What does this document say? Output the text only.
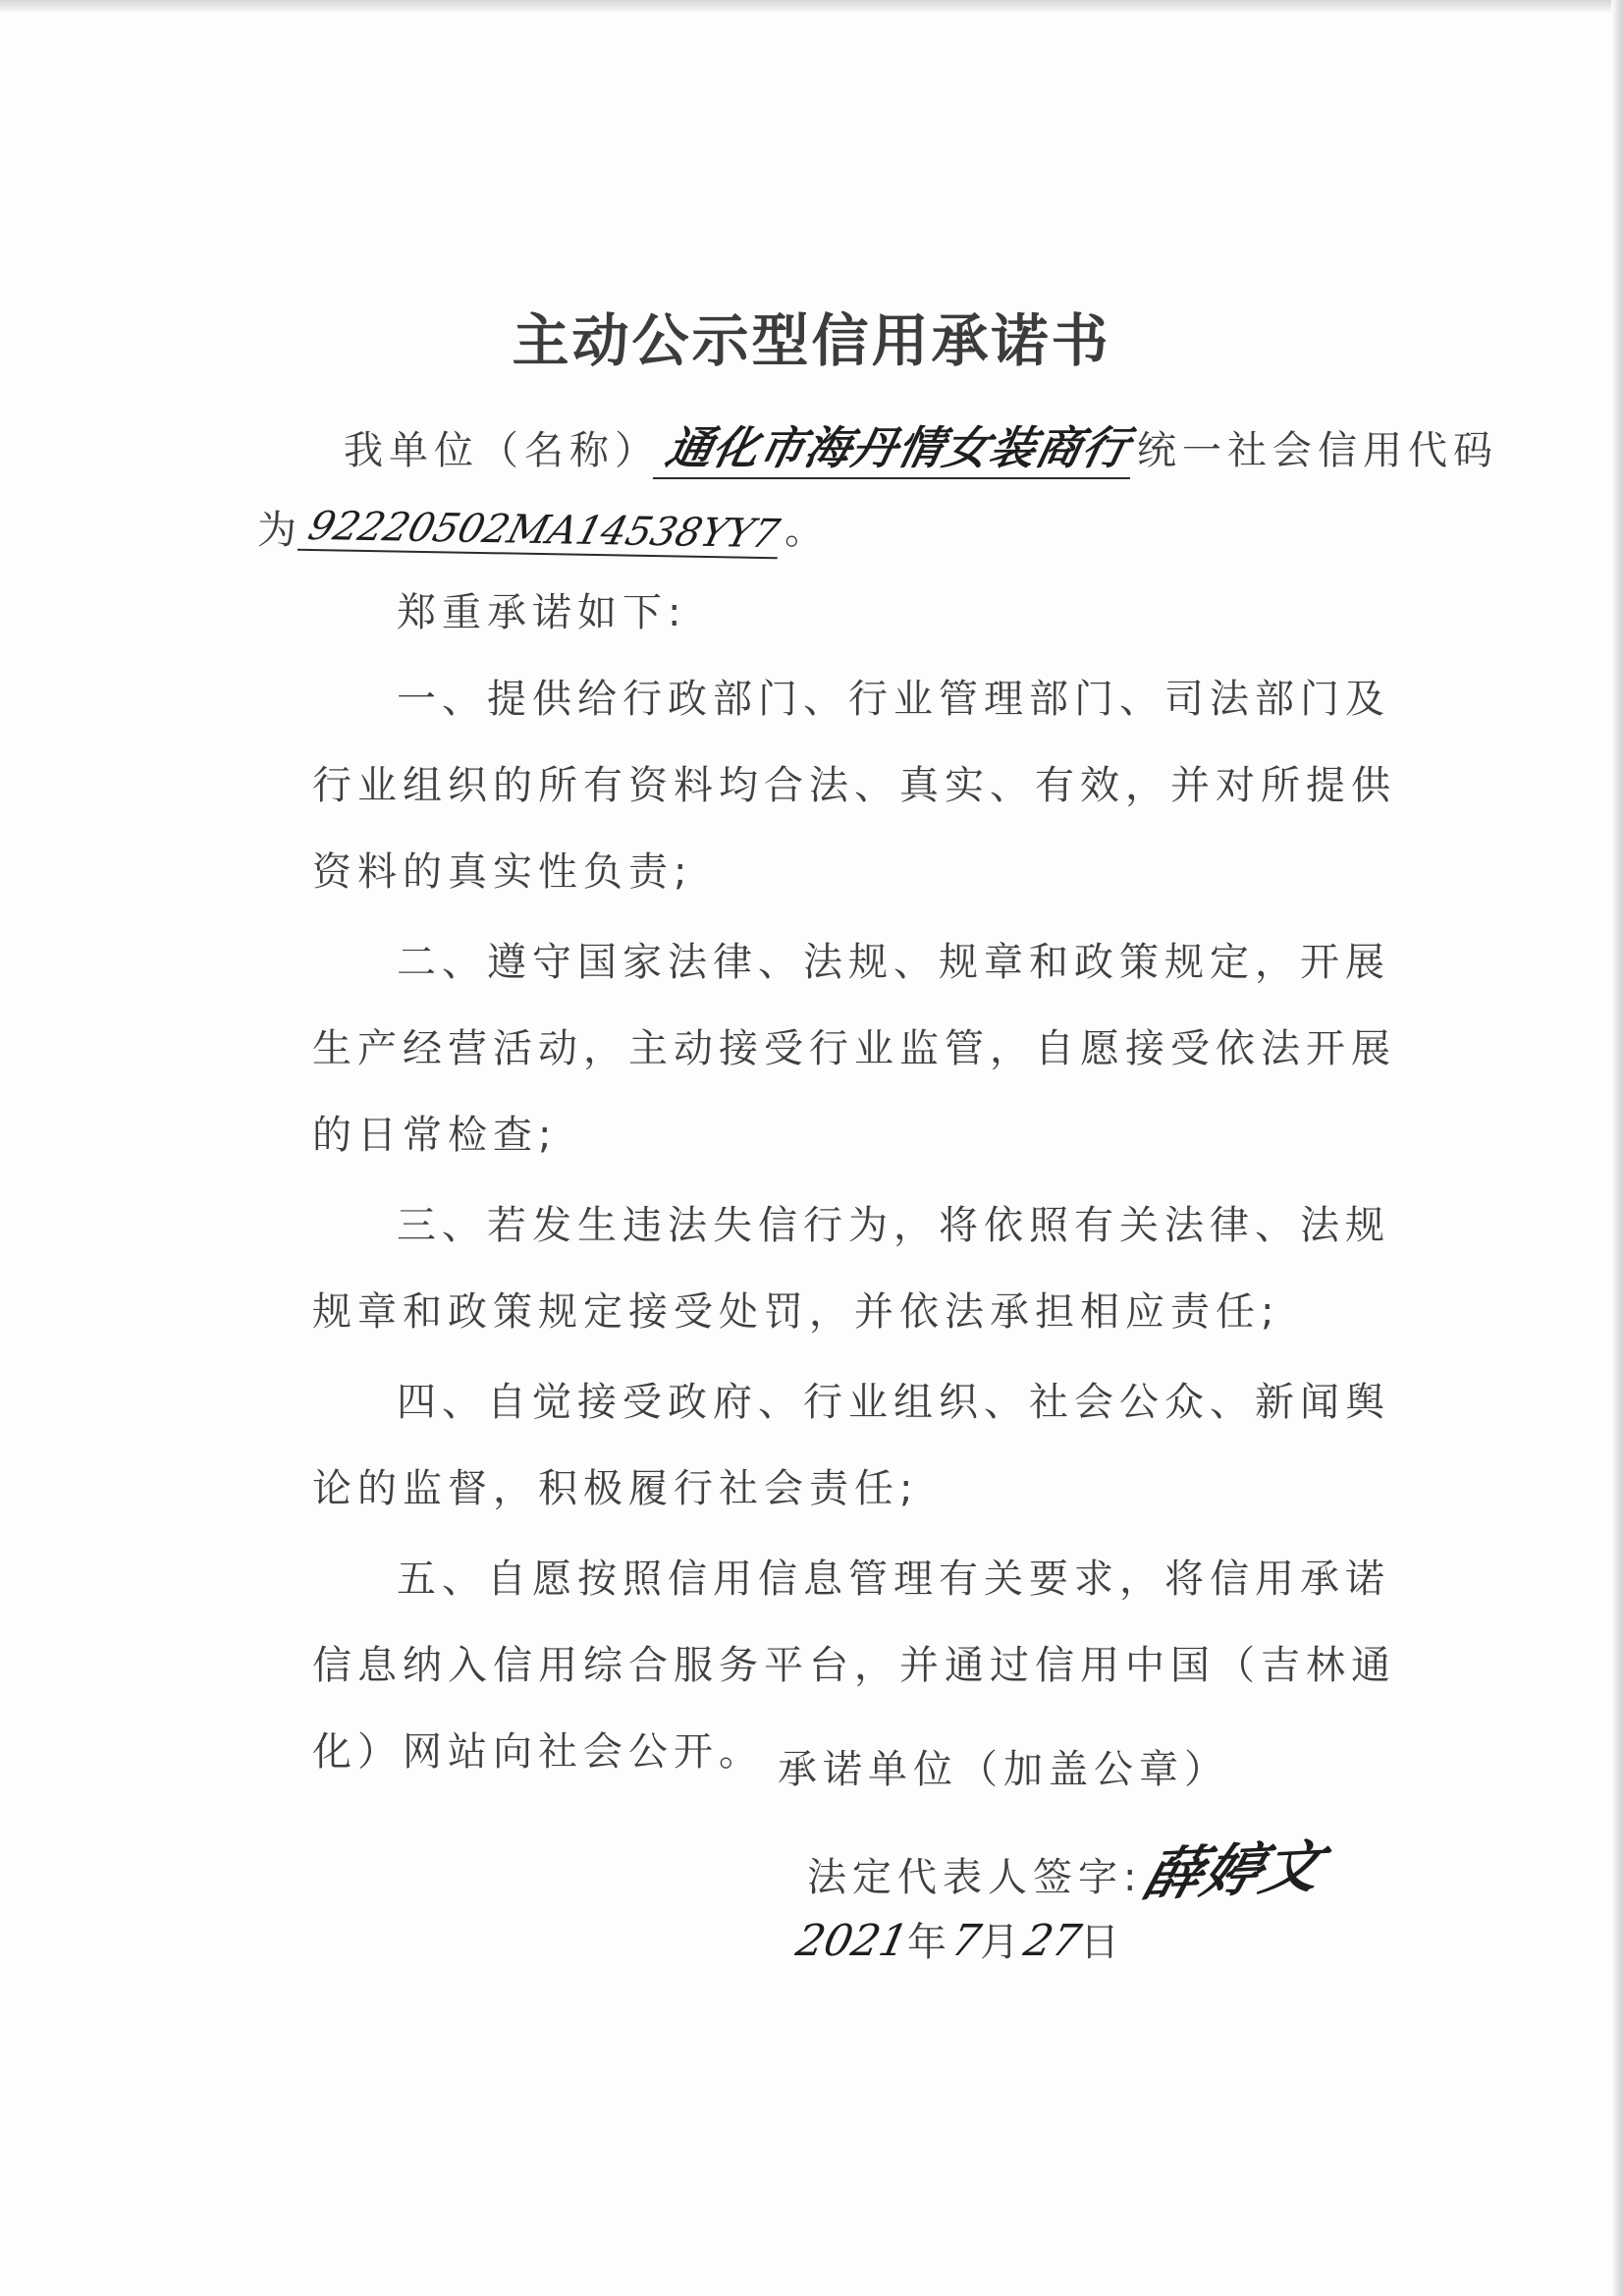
主动公示型信用承诺书
我单位（名称）通化市海丹情女装商行统一社会信用代码
为92220502MA14538YY7。
郑重承诺如下:
一、提供给行政部门、行业管理部门、司法部门及行业组织的所有资料均合法、真实、有效，并对所提供资料的真实性负责;
二、遵守国家法律、法规、规章和政策规定，开展生产经营活动，主动接受行业监管，自愿接受依法开展的日常检查;
三、若发生违法失信行为，将依照有关法律、法规规章和政策规定接受处罚，并依法承担相应责任;
四、自觉接受政府、行业组织、社会公众、新闻舆论的监督，积极履行社会责任;
五、自愿按照信用信息管理有关要求，将信用承诺信息纳入信用综合服务平台，并通过信用中国（吉林通化）网站向社会公开。 承诺单位（加盖公章）
法定代表人签字:薛婷文
2021年7月27日
